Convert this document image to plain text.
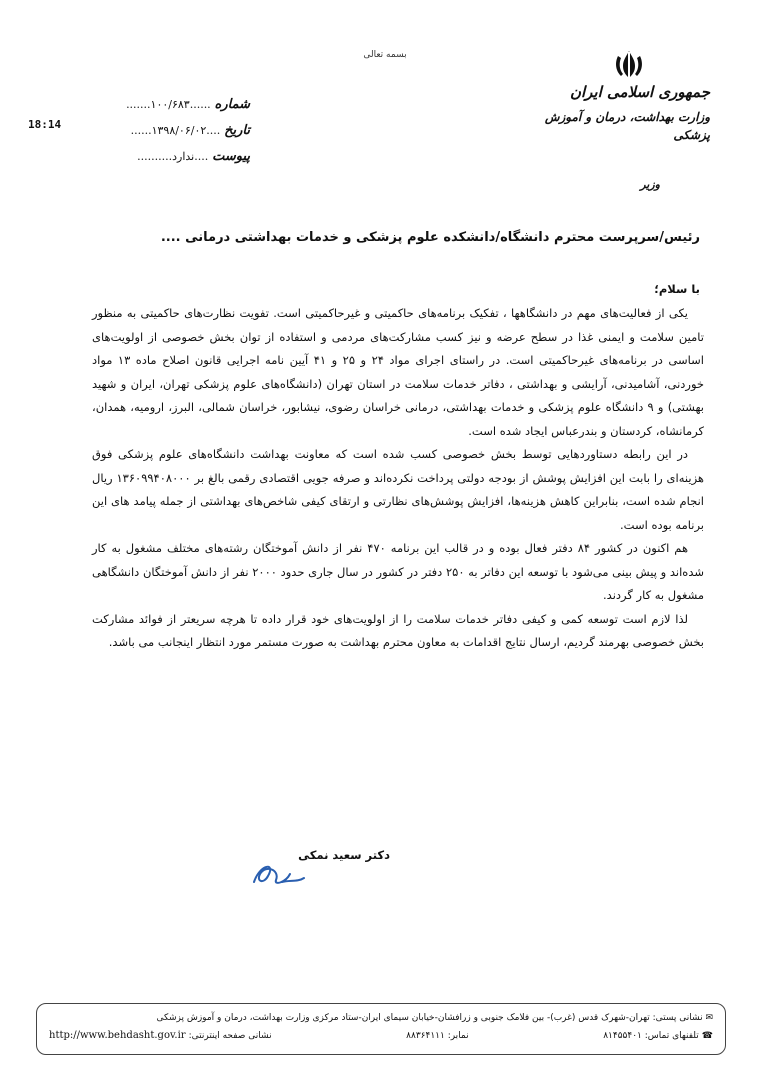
بسمه تعالی
جمهوری اسلامی ایران
وزارت بهداشت، درمان و آموزش پزشکی
وزیر
شماره ......۱۰۰/۶۸۳.......
تاریخ ....۱۳۹۸/۰۶/۰۲......
پیوست ....ندارد..........
18:14
رئیس/سرپرست محترم دانشگاه/دانشکده علوم پزشکی و خدمات بهداشتی درمانی ....
با سلام؛

یکی از فعالیت‌های مهم در دانشگاهها ، تفکیک برنامه‌های حاکمیتی و غیرحاکمیتی است. تفویت نظارت‌های حاکمیتی به منظور تامین سلامت و ایمنی غذا در سطح عرضه و نیز کسب مشارکت‌های مردمی و استفاده از توان بخش خصوصی از اولویت‌های اساسی در برنامه‌های غیرحاکمیتی است. در راستای اجرای مواد ۲۴ و ۲۵ و ۴۱ آیین نامه اجرایی قانون اصلاح ماده ۱۳ مواد خوردنی، آشامیدنی، آرایشی و بهداشتی ، دفاتر خدمات سلامت در استان تهران (دانشگاه‌های علوم پزشکی تهران، ایران و شهید بهشتی) و ۹ دانشگاه علوم پزشکی و خدمات بهداشتی، درمانی خراسان رضوی، نیشابور، خراسان شمالی، البرز، ارومیه، همدان، کرمانشاه، کردستان و بندرعباس ایجاد شده است.

در این رابطه دستاوردهایی توسط بخش خصوصی کسب شده است که معاونت بهداشت دانشگاه‌های علوم پزشکی فوق هزینه‌ای را بابت این افزایش پوشش از بودجه دولتی پرداخت نکرده‌اند و صرفه جویی اقتصادی رقمی بالغ بر ۱۳۶۰۹۹۴۰۸۰۰۰ ریال انجام شده است، بنابراین کاهش هزینه‌ها، افزایش پوشش‌های نظارتی و ارتقای کیفی شاخص‌های بهداشتی از جمله پیامد های این برنامه بوده است.

هم اکنون در کشور ۸۴ دفتر فعال بوده و در قالب این برنامه ۴۷۰ نفر از دانش آموختگان رشته‌های مختلف مشغول به کار شده‌اند و پیش بینی می‌شود با توسعه این دفاتر به ۲۵۰ دفتر در کشور در سال جاری حدود ۲۰۰۰ نفر از دانش آموختگان دانشگاهی مشغول به کار گردند.

لذا لازم است توسعه کمی و کیفی دفاتر خدمات سلامت را از اولویت‌های خود قرار داده تا هرچه سریعتر از فوائد مشارکت بخش خصوصی بهرمند گردیم، ارسال نتایج اقدامات به معاون محترم بهداشت به صورت مستمر مورد انتظار اینجانب می باشد.

دکتر سعید نمکی
✉ نشانی پستی: تهران-شهرک قدس (غرب)- بین فلامک جنوبی و زرافشان-خیابان سیمای ایران-ستاد مرکزی وزارت بهداشت، درمان و آموزش پزشکی
☎
تلفنهای تماس: ۸۱۴۵۵۴۰۱
نمابر: ۸۸۳۶۴۱۱۱
نشانی صفحه اینترنتی:
http://www.behdasht.gov.ir
